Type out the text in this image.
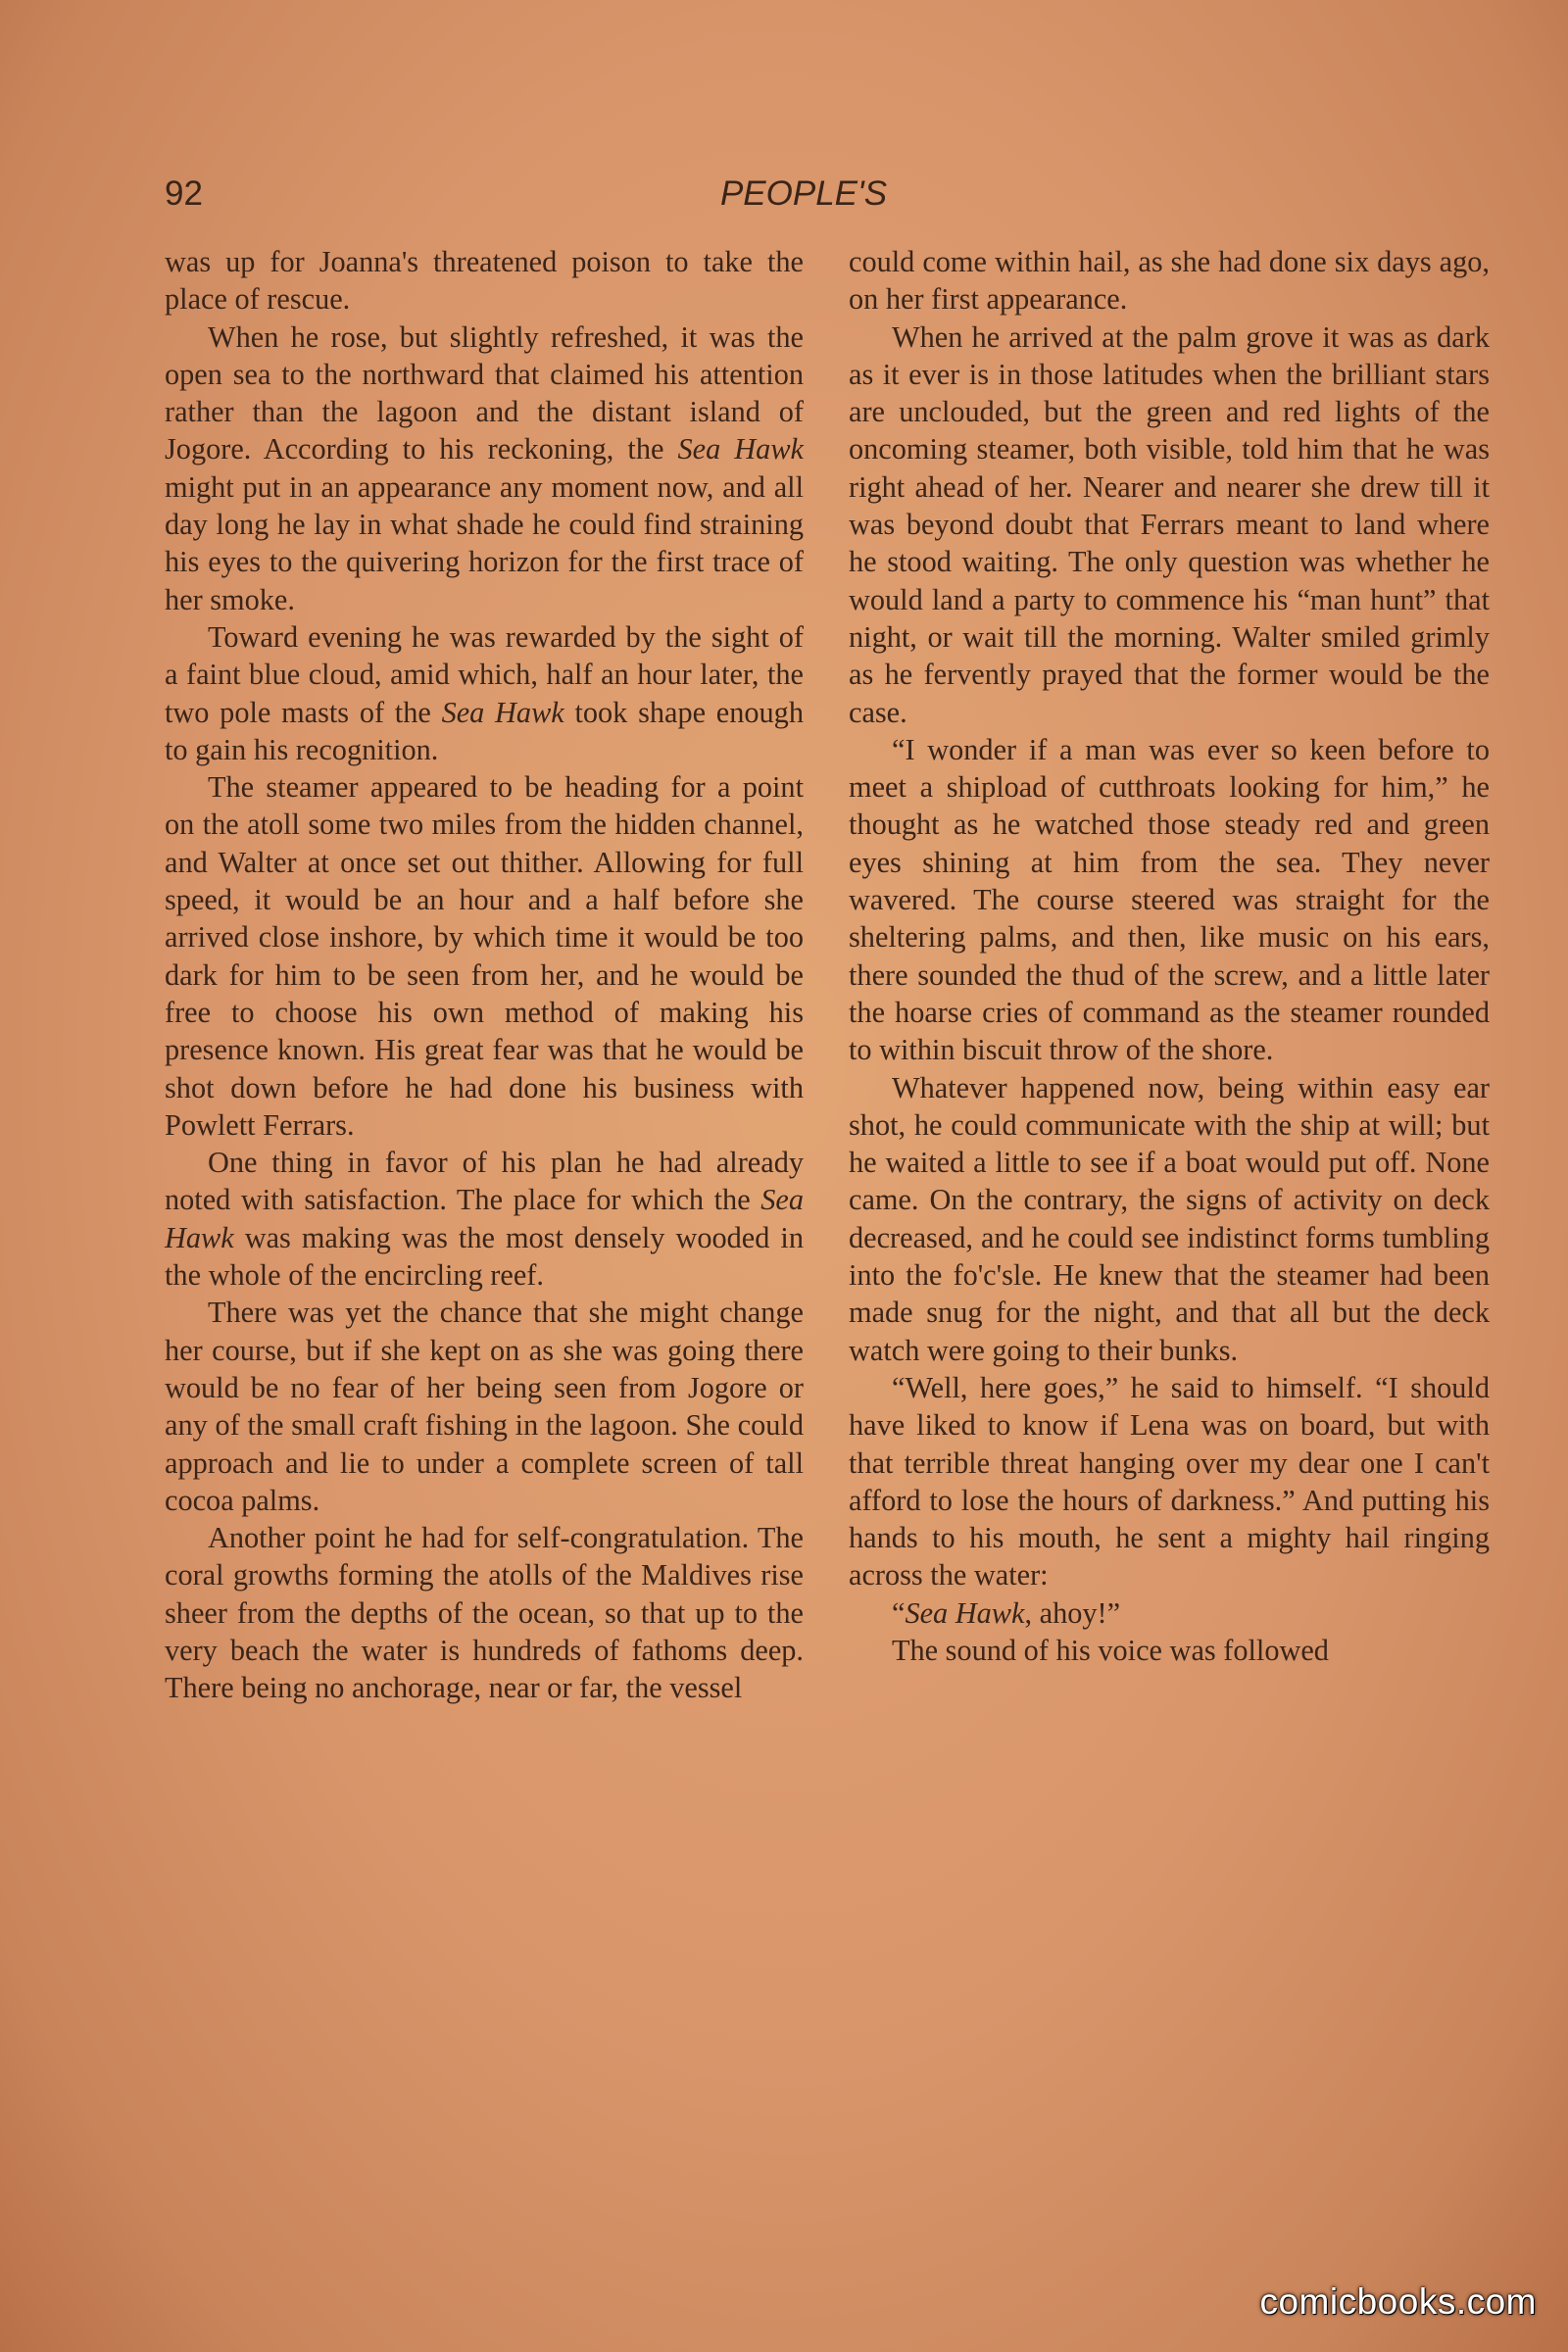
92	PEOPLE'S

was up for Joanna's threatened poison to take the place of rescue.

When he rose, but slightly refreshed, it was the open sea to the northward that claimed his attention rather than the lagoon and the distant island of Jogore. According to his reckoning, the Sea Hawk might put in an appearance any moment now, and all day long he lay in what shade he could find straining his eyes to the quivering horizon for the first trace of her smoke.

Toward evening he was rewarded by the sight of a faint blue cloud, amid which, half an hour later, the two pole masts of the Sea Hawk took shape enough to gain his recognition.

The steamer appeared to be heading for a point on the atoll some two miles from the hidden channel, and Walter at once set out thither. Allowing for full speed, it would be an hour and a half before she arrived close inshore, by which time it would be too dark for him to be seen from her, and he would be free to choose his own method of making his presence known. His great fear was that he would be shot down before he had done his business with Powlett Ferrars.

One thing in favor of his plan he had already noted with satisfaction. The place for which the Sea Hawk was making was the most densely wooded in the whole of the encircling reef.

There was yet the chance that she might change her course, but if she kept on as she was going there would be no fear of her being seen from Jogore or any of the small craft fishing in the lagoon. She could approach and lie to under a complete screen of tall cocoa palms.

Another point he had for self-congratulation. The coral growths forming the atolls of the Maldives rise sheer from the depths of the ocean, so that up to the very beach the water is hundreds of fathoms deep. There being no anchorage, near or far, the vessel

could come within hail, as she had done six days ago, on her first appearance.

When he arrived at the palm grove it was as dark as it ever is in those latitudes when the brilliant stars are unclouded, but the green and red lights of the oncoming steamer, both visible, told him that he was right ahead of her. Nearer and nearer she drew till it was beyond doubt that Ferrars meant to land where he stood waiting. The only question was whether he would land a party to commence his “man hunt” that night, or wait till the morning. Walter smiled grimly as he fervently prayed that the former would be the case.

“I wonder if a man was ever so keen before to meet a shipload of cutthroats looking for him,” he thought as he watched those steady red and green eyes shining at him from the sea. They never wavered. The course steered was straight for the sheltering palms, and then, like music on his ears, there sounded the thud of the screw, and a little later the hoarse cries of command as the steamer rounded to within biscuit throw of the shore.

Whatever happened now, being within easy ear shot, he could communicate with the ship at will; but he waited a little to see if a boat would put off. None came. On the contrary, the signs of activity on deck decreased, and he could see indistinct forms tumbling into the fo'c'sle. He knew that the steamer had been made snug for the night, and that all but the deck watch were going to their bunks.

“Well, here goes,” he said to himself. “I should have liked to know if Lena was on board, but with that terrible threat hanging over my dear one I can't afford to lose the hours of darkness.” And putting his hands to his mouth, he sent a mighty hail ringing across the water:

“Sea Hawk, ahoy!”

The sound of his voice was followed

comicbooks.com
